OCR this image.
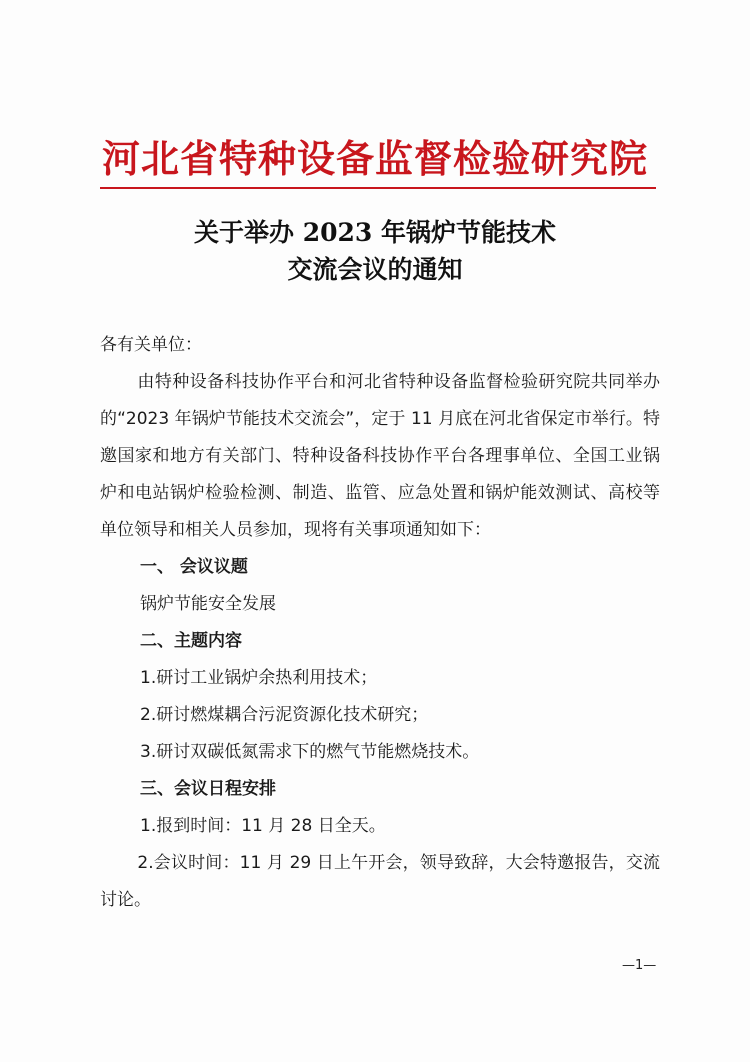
河北省特种设备监督检验研究院
关于举办 2023 年锅炉节能技术
交流会议的通知

各有关单位：

由特种设备科技协作平台和河北省特种设备监督检验研究院共同举办的“2023 年锅炉节能技术交流会”，定于 11 月底在河北省保定市举行。特邀国家和地方有关部门、特种设备科技协作平台各理事单位、全国工业锅炉和电站锅炉检验检测、制造、监管、应急处置和锅炉能效测试、高校等单位领导和相关人员参加，现将有关事项通知如下：

一、 会议议题

锅炉节能安全发展

二、主题内容

1.研讨工业锅炉余热利用技术；

2.研讨燃煤耦合污泥资源化技术研究；

3.研讨双碳低氮需求下的燃气节能燃烧技术。

三、会议日程安排

1.报到时间：11 月 28 日全天。

2.会议时间：11 月 29 日上午开会，领导致辞，大会特邀报告，交流讨论。

—1—
